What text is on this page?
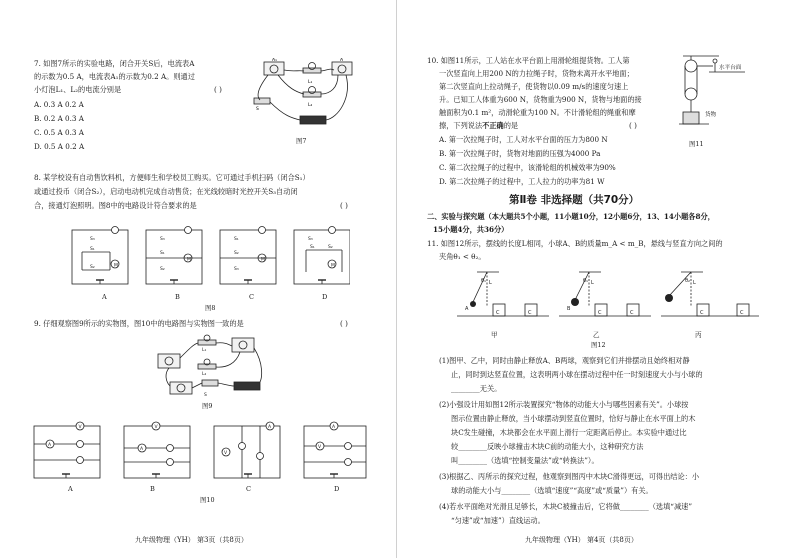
7. 如图7所示的实验电路，闭合开关S后，电流表A
的示数为0.5 A，电流表A₁的示数为0.2 A。则通过
小灯泡L₁、L₂的电流分别是	( )
A. 0.3 A 0.2 A
B. 0.2 A 0.3 A
C. 0.5 A 0.3 A
D. 0.5 A 0.2 A
A₁	A
L₁
L₂
S
图7
8. 某学校设有自动售饮料机，方便师生和学校员工购买。它可通过手机扫码（闭合S₁）
或通过投币（闭合S₂），启动电动机完成自动售货；在光线较暗时光控开关S₃自动闭
合，接通灯泡照明。图8中的电路设计符合要求的是	( )
M
M	M
M
S₃
S₁
S₂
S₃
S₁
S₂
S₁
S₂
S₃
S₃
S₁	S₂
A	B	C	D
图8
9. 仔细观察图9所示的实物图，图10中的电路图与实物图一致的是	( )
L₁
L₂
S
图9
A
V
A
V
V
A
V
A
A	B	C	D
图10
九年级物理（YH） 第3页（共8页）
10. 如图11所示，工人站在水平台面上用滑轮组提货物。工人第
一次竖直向上用200 N的力拉绳子时，货物未离开水平地面；
第二次竖直向上拉动绳子，使货物以0.09 m/s的速度匀速上
升。已知工人体重为600 N，货物重为900 N，货物与地面的接
触面积为0.1 m²，动滑轮重为100 N。不计滑轮组的绳重和摩
擦，下列说法不正确的是	( )
A. 第一次拉绳子时，工人对水平台面的压力为800 N
B. 第一次拉绳子时，货物对地面的压强为4000 Pa
C. 第二次拉绳子的过程中，该滑轮组的机械效率为90%
D. 第二次拉绳子的过程中，工人拉力的功率为81 W
水平台面
货物
图11
第Ⅱ卷 非选择题（共70分）
二、实验与探究题（本大题共5个小题，11小题10分，12小题6分，13、14小题各8分，
15小题4分，共36分）
11. 如图12所示，摆线的长度L相同，小球A、B的质量m_A < m_B，悬线与竖直方向之间的
夹角θ₁ < θ₂。
C	C	C	C	C	C
A	B
L	L	L
θ₁	θ₁	θ₂
甲	乙	丙
图12
(1)图甲、乙中，同时由静止释放A、B两球，观察到它们并排摆动且始终相对静
止，同时到达竖直位置，这表明两小球在摆动过程中任一时刻速度大小与小球的
________无关。
(2)小强设计用如图12所示装置探究“物体的动能大小与哪些因素有关”。小球按
图示位置由静止释放，当小球摆动到竖直位置时，恰好与静止在水平面上的木
块C发生碰撞，木块都会在水平面上滑行一定距离后停止。本实验中通过比
较________反映小球撞击木块C前的动能大小，这种研究方法
叫________（选填“控制变量法”或“转换法”）。
(3)根据乙、丙所示的探究过程，他观察到图丙中木块C滑得更远，可得出结论：小
球的动能大小与________（选填“速度”“高度”或“质量”）有关。
(4)若水平面绝对光滑且足够长，木块C被撞击后，它将做________（选填“减速”
“匀速”或“加速”）直线运动。
九年级物理（YH） 第4页（共8页）
